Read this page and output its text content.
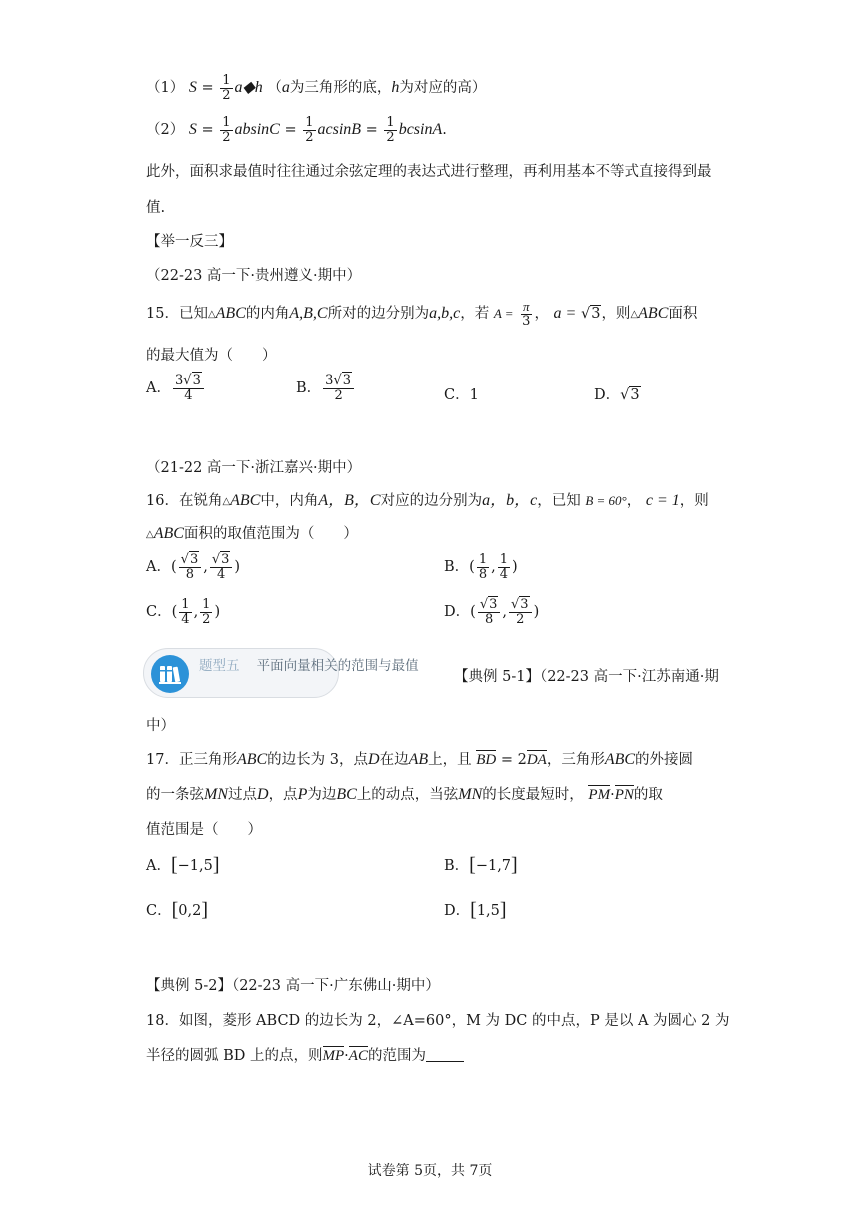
（1） $S = \frac{1}{2}$ a◆h （a为三角形的底，h为对应的高）
（2） $S = \frac{1}{2}$ $absinC = \frac{1}{2}$ $acsinB = \frac{1}{2} bcsinA$.
此外，面积求最值时往往通过余弦定理的表达式进行整理，再利用基本不等式直接得到最值.
【举一反三】
（22-23 高一下·贵州遵义·期中）
15．已知△ABC的内角A,B,C所对的边分别为a,b,c，若 $A = \frac{\pi}{3}$ ， a = √3，则△ABC面积
的最大值为（　　）
A． $\frac{3√3}{4}$	B． $\frac{3√3}{2}$	C．1	D．√3
（21-22 高一下·浙江嘉兴·期中）
16．在锐角△ABC中，内角A，B，C对应的边分别为a，b，c，已知 B = 60°， c = 1，则
△ABC面积的取值范围为（　　）
A．( $\frac{√3}{8}$ , $\frac{√3}{4}$ )	B．( $\frac{1}{8}$ , $\frac{1}{4}$ )
C．( $\frac{1}{4}$ , $\frac{1}{2}$ )	D．( $\frac{√3}{8}$ , $\frac{√3}{2}$ )
题型五 平面向量相关的范围与最值
【典例 5-1】（22-23 高一下·江苏南通·期
中）
17．正三角形ABC的边长为 3，点D在边AB上，且 BD = 2DA，三角形ABC的外接圆
的一条弦MN过点D，点P为边BC上的动点，当弦MN的长度最短时， PM·PN的取
值范围是（　　）
A．[−1,5]	B．[−1,7]
C．[0,2]	D．[1,5]
【典例 5-2】（22-23 高一下·广东佛山·期中）
18．如图，菱形 ABCD 的边长为 2，∠A=60°，M 为 DC 的中点，P 是以 A 为圆心 2 为
半径的圆弧 BD 上的点，则MP·AC的范围为
试卷第 5页，共 7页
